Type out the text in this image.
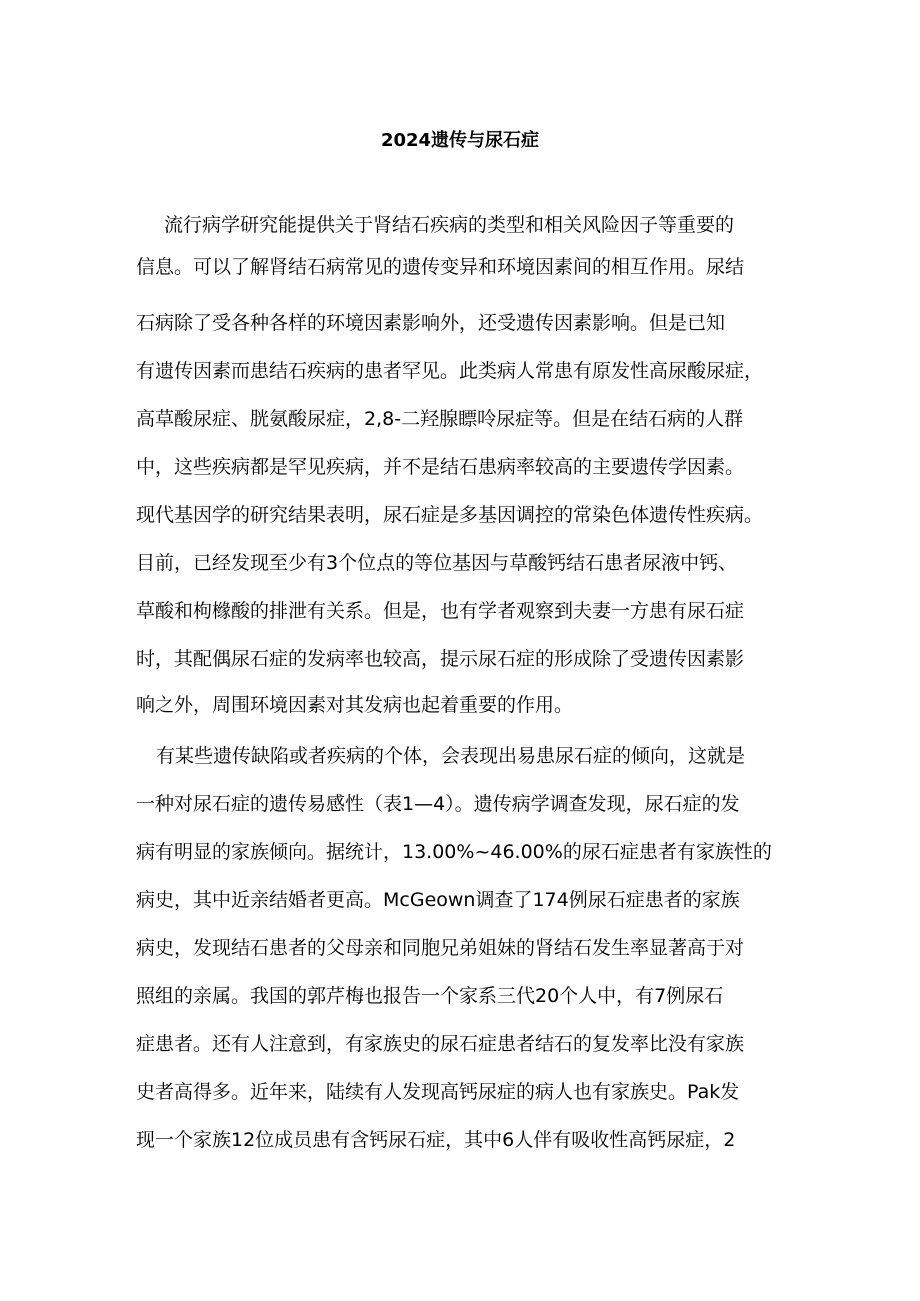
2024遗传与尿石症
流行病学研究能提供关于肾结石疾病的类型和相关风险因子等重要的
信息。可以了解肾结石病常见的遗传变异和环境因素间的相互作用。尿结
石病除了受各种各样的环境因素影响外，还受遗传因素影响。但是已知
有遗传因素而患结石疾病的患者罕见。此类病人常患有原发性高尿酸尿症，
高草酸尿症、胱氨酸尿症，2,8-二羟腺瞟呤尿症等。但是在结石病的人群
中，这些疾病都是罕见疾病，并不是结石患病率较高的主要遗传学因素。
现代基因学的研究结果表明，尿石症是多基因调控的常染色体遗传性疾病。
目前，已经发现至少有3个位点的等位基因与草酸钙结石患者尿液中钙、
草酸和枸橼酸的排泄有关系。但是，也有学者观察到夫妻一方患有尿石症
时，其配偶尿石症的发病率也较高，提示尿石症的形成除了受遗传因素影
响之外，周围环境因素对其发病也起着重要的作用。
有某些遗传缺陷或者疾病的个体，会表现出易患尿石症的倾向，这就是
一种对尿石症的遗传易感性（表1—4）。遗传病学调查发现，尿石症的发
病有明显的家族倾向。据统计，13.00%~46.00%的尿石症患者有家族性的
病史，其中近亲结婚者更高。McGeown调查了174例尿石症患者的家族
病史，发现结石患者的父母亲和同胞兄弟姐妹的肾结石发生率显著高于对
照组的亲属。我国的郭芹梅也报告一个家系三代20个人中，有7例尿石
症患者。还有人注意到，有家族史的尿石症患者结石的复发率比没有家族
史者高得多。近年来，陆续有人发现高钙尿症的病人也有家族史。Pak发
现一个家族12位成员患有含钙尿石症，其中6人伴有吸收性高钙尿症，2
